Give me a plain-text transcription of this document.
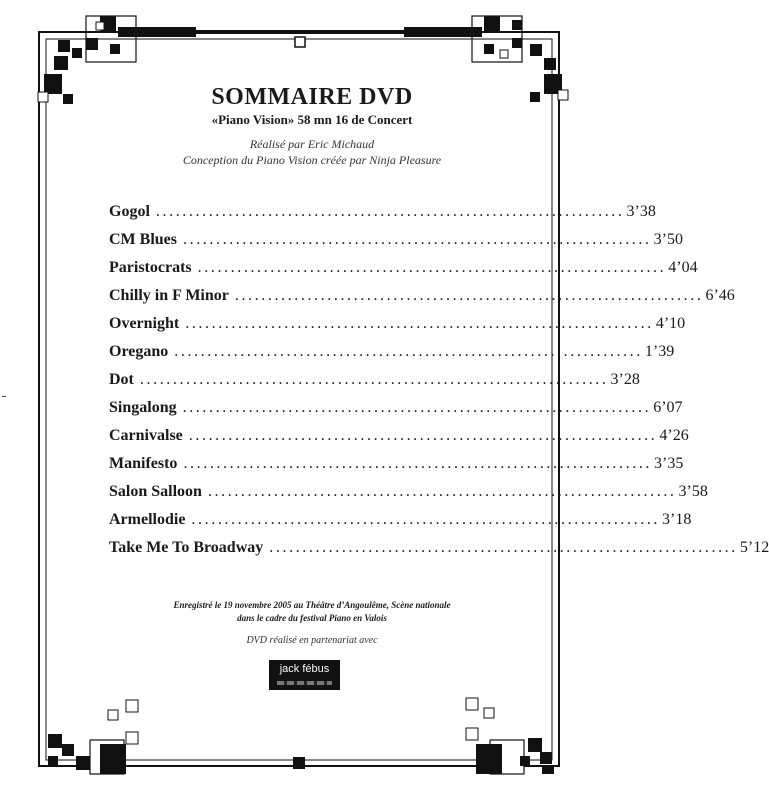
SOMMAIRE DVD
«Piano Vision» 58 mn 16 de Concert
Réalisé par Eric Michaud
Conception du Piano Vision créée par Ninja Pleasure
Gogol ....................................................................... 3’38
CM Blues ....................................................................... 3’50
Paristocrats ....................................................................... 4’04
Chilly in F Minor ....................................................................... 6’46
Overnight ....................................................................... 4’10
Oregano ....................................................................... 1’39
Dot ....................................................................... 3’28
Singalong ....................................................................... 6’07
Carnivalse ....................................................................... 4’26
Manifesto ....................................................................... 3’35
Salon Salloon ....................................................................... 3’58
Armellodie ....................................................................... 3’18
Take Me To Broadway ....................................................................... 5’12
Enregistré le 19 novembre 2005 au Théâtre d’Angoulême, Scène nationale
dans le cadre du festival Piano en Valois
DVD réalisé en partenariat avec
jack fébus
